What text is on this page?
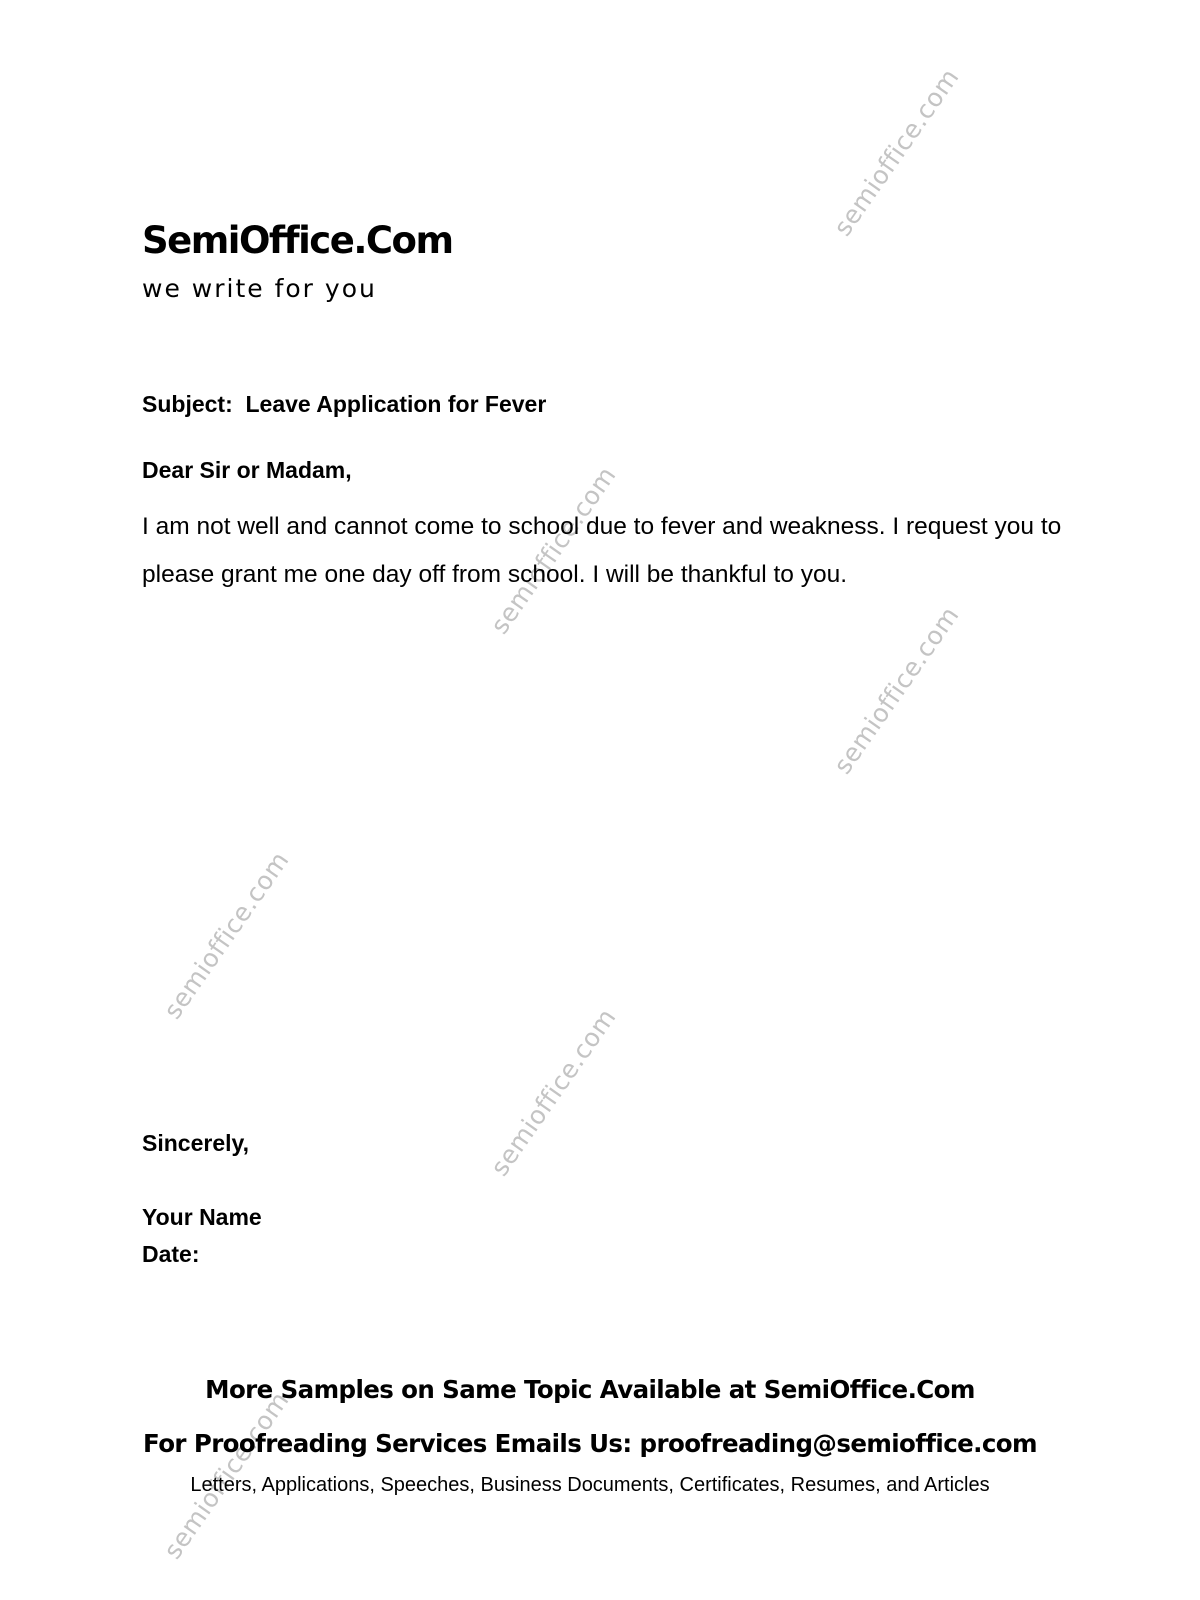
semioffice.com
semioffice.com
semioffice.com
semioffice.com
semioffice.com
semioffice.com
SemiOffice.Com
we write for you
Subject:  Leave Application for Fever
Dear Sir or Madam,

I am not well and cannot come to school due to fever and weakness. I request you to please grant me one day off from school. I will be thankful to you.

Sincerely,
Your Name
Date:
More Samples on Same Topic Available at SemiOffice.Com
For Proofreading Services Emails Us: proofreading@semioffice.com
Letters, Applications, Speeches, Business Documents, Certificates, Resumes, and Articles
